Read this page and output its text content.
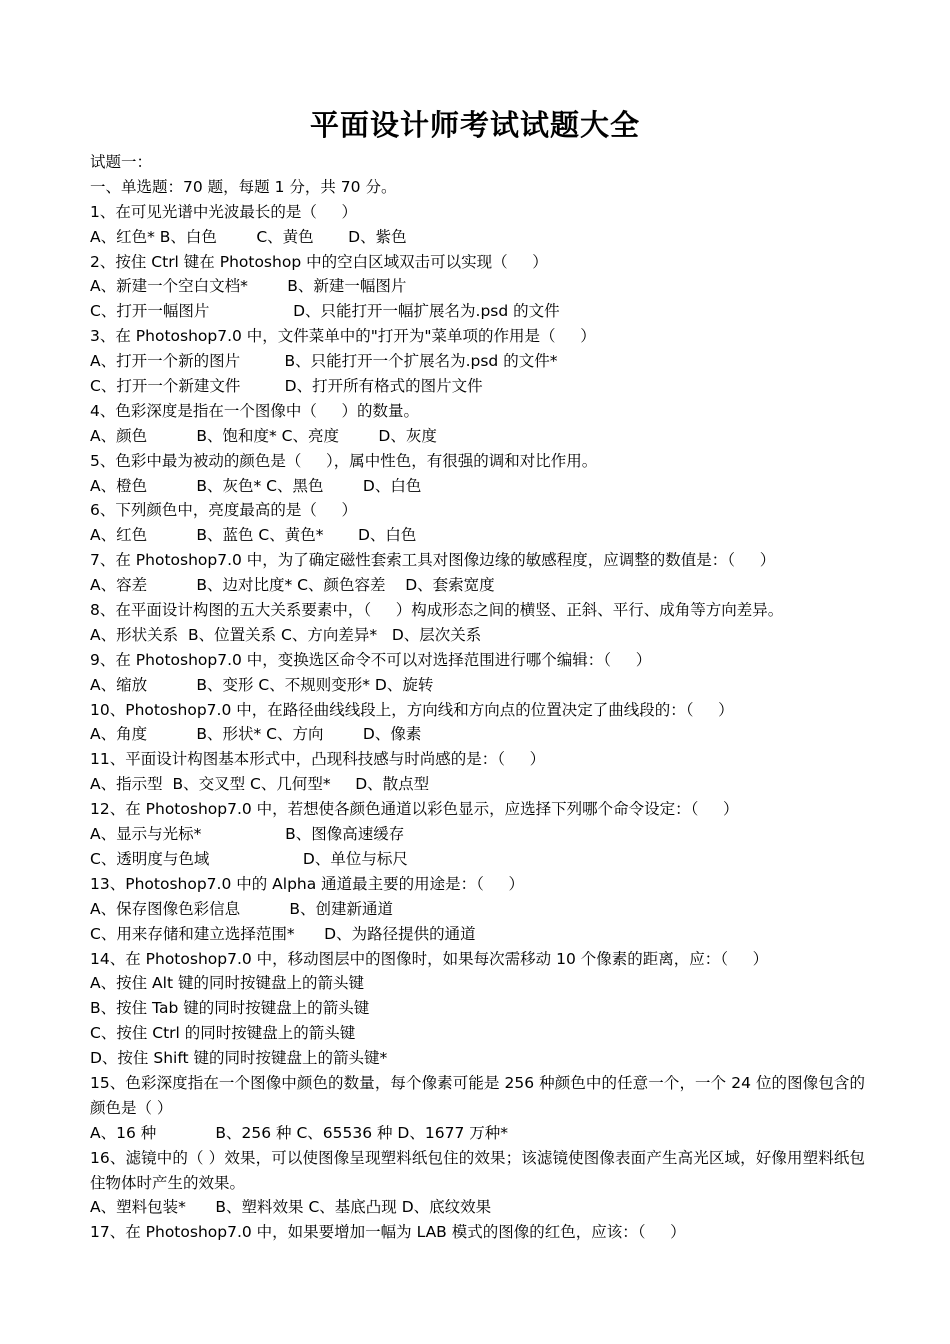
平面设计师考试试题大全
试题一：
一、单选题：70 题，每题 1 分，共 70 分。
1、在可见光谱中光波最长的是（     ）
A、红色* B、白色        C、黄色       D、紫色
2、按住 Ctrl 键在 Photoshop 中的空白区域双击可以实现（     ）
A、新建一个空白文档*        B、新建一幅图片
C、打开一幅图片                 D、只能打开一幅扩展名为.psd 的文件
3、在 Photoshop7.0 中，文件菜单中的"打开为"菜单项的作用是（     ）
A、打开一个新的图片         B、只能打开一个扩展名为.psd 的文件*
C、打开一个新建文件         D、打开所有格式的图片文件
4、色彩深度是指在一个图像中（     ）的数量。
A、颜色          B、饱和度* C、亮度        D、灰度
5、色彩中最为被动的颜色是（     ），属中性色，有很强的调和对比作用。
A、橙色          B、灰色* C、黑色        D、白色
6、下列颜色中，亮度最高的是（     ）
A、红色          B、蓝色 C、黄色*       D、白色
7、在 Photoshop7.0 中，为了确定磁性套索工具对图像边缘的敏感程度，应调整的数值是：（     ）
A、容差          B、边对比度* C、颜色容差    D、套索宽度
8、在平面设计构图的五大关系要素中，（     ）构成形态之间的横竖、正斜、平行、成角等方向差异。
A、形状关系  B、位置关系 C、方向差异*   D、层次关系
9、在 Photoshop7.0 中，变换选区命令不可以对选择范围进行哪个编辑：（     ）
A、缩放          B、变形 C、不规则变形* D、旋转
10、Photoshop7.0 中，在路径曲线线段上，方向线和方向点的位置决定了曲线段的：（     ）
A、角度          B、形状* C、方向        D、像素
11、平面设计构图基本形式中，凸现科技感与时尚感的是：（     ）
A、指示型  B、交叉型 C、几何型*     D、散点型
12、在 Photoshop7.0 中，若想使各颜色通道以彩色显示，应选择下列哪个命令设定：（     ）
A、显示与光标*                 B、图像高速缓存
C、透明度与色域                   D、单位与标尺
13、Photoshop7.0 中的 Alpha 通道最主要的用途是：（     ）
A、保存图像色彩信息          B、创建新通道
C、用来存储和建立选择范围*      D、为路径提供的通道
14、在 Photoshop7.0 中，移动图层中的图像时，如果每次需移动 10 个像素的距离，应：（     ）
A、按住 Alt 键的同时按键盘上的箭头键
B、按住 Tab 键的同时按键盘上的箭头键
C、按住 Ctrl 的同时按键盘上的箭头键
D、按住 Shift 键的同时按键盘上的箭头键*
15、色彩深度指在一个图像中颜色的数量，每个像素可能是 256 种颜色中的任意一个，一个 24 位的图像包含的颜色是（ ）
A、16 种            B、256 种 C、65536 种 D、1677 万种*
16、滤镜中的（ ）效果，可以使图像呈现塑料纸包住的效果；该滤镜使图像表面产生高光区域，好像用塑料纸包住物体时产生的效果。
A、塑料包装*      B、塑料效果 C、基底凸现 D、底纹效果
17、在 Photoshop7.0 中，如果要增加一幅为 LAB 模式的图像的红色，应该：（     ）
